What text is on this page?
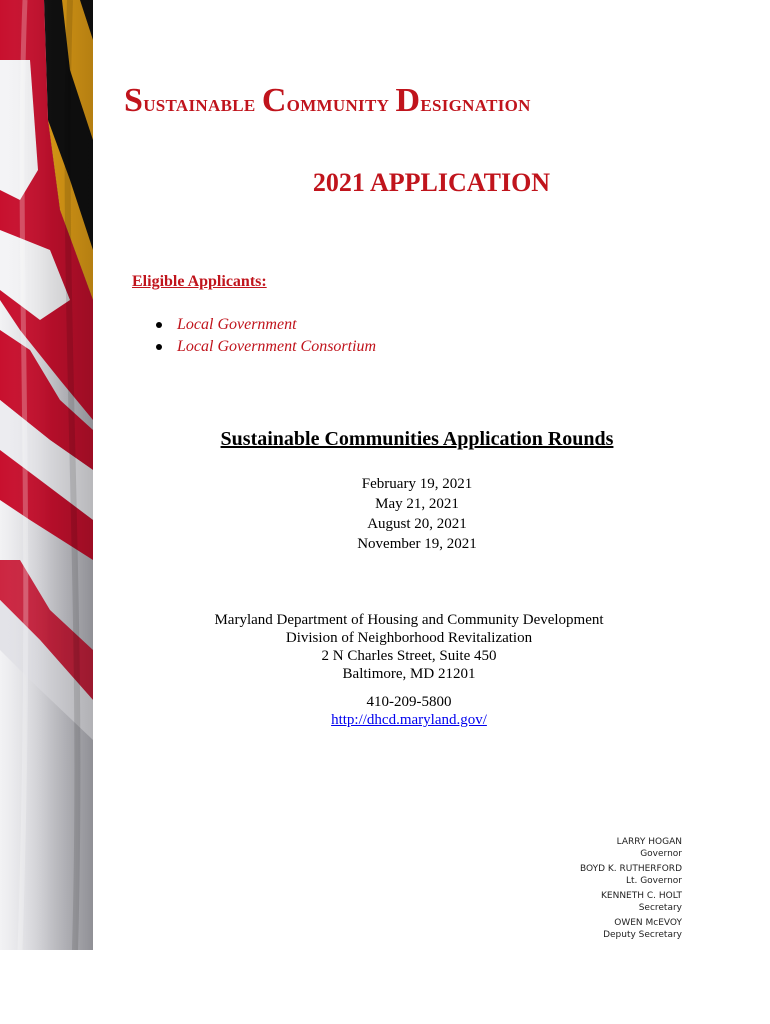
Sustainable Community Designation
2021 APPLICATION
Eligible Applicants:
Local Government
Local Government Consortium
Sustainable Communities Application Rounds
February 19, 2021
May 21, 2021
August 20, 2021
November 19, 2021
Maryland Department of Housing and Community Development
Division of Neighborhood Revitalization
2 N Charles Street, Suite 450
Baltimore, MD 21201
410-209-5800
http://dhcd.maryland.gov/
LARRY HOGAN
Governor
BOYD K. RUTHERFORD
Lt. Governor
KENNETH C. HOLT
Secretary
OWEN McEVOY
Deputy Secretary
